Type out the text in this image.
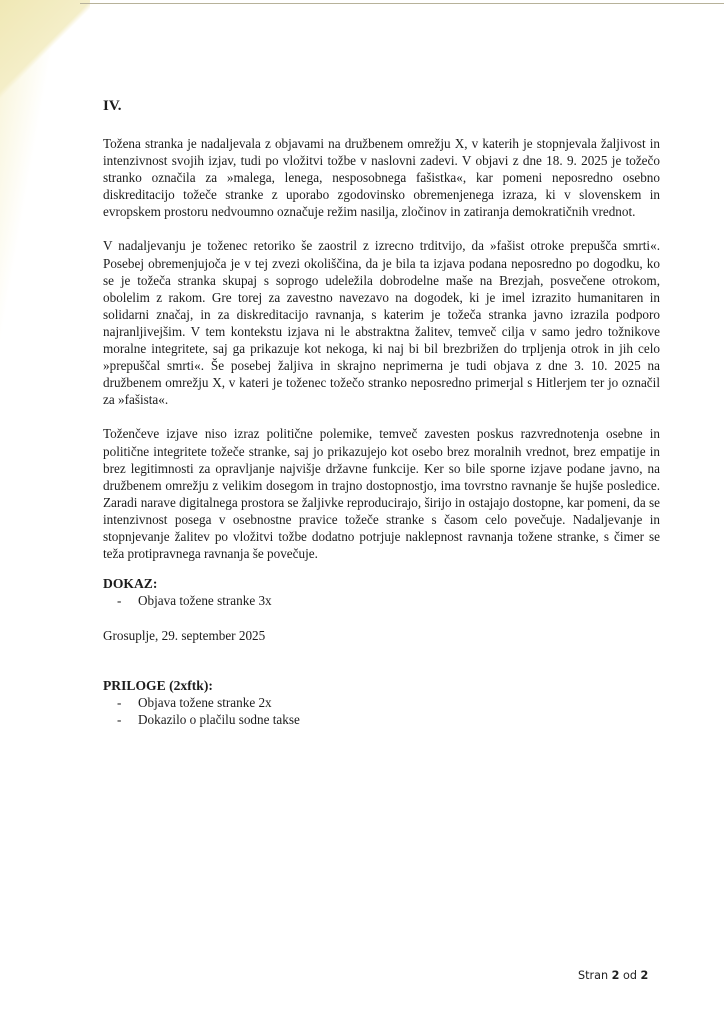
IV.

Tožena stranka je nadaljevala z objavami na družbenem omrežju X, v katerih je stopnjevala žaljivost in intenzivnost svojih izjav, tudi po vložitvi tožbe v naslovni zadevi. V objavi z dne 18. 9. 2025 je tožečo stranko označila za »malega, lenega, nesposobnega fašistka«, kar pomeni neposredno osebno diskreditacijo tožeče stranke z uporabo zgodovinsko obremenjenega izraza, ki v slovenskem in evropskem prostoru nedvoumno označuje režim nasilja, zločinov in zatiranja demokratičnih vrednot.

V nadaljevanju je toženec retoriko še zaostril z izrecno trditvijo, da »fašist otroke prepušča smrti«. Posebej obremenjujoča je v tej zvezi okoliščina, da je bila ta izjava podana neposredno po dogodku, ko se je tožeča stranka skupaj s soprogo udeležila dobrodelne maše na Brezjah, posvečene otrokom, obolelim z rakom. Gre torej za zavestno navezavo na dogodek, ki je imel izrazito humanitaren in solidarni značaj, in za diskreditacijo ravnanja, s katerim je tožeča stranka javno izrazila podporo najranljivejšim. V tem kontekstu izjava ni le abstraktna žalitev, temveč cilja v samo jedro tožnikove moralne integritete, saj ga prikazuje kot nekoga, ki naj bi bil brezbrižen do trpljenja otrok in jih celo »prepuščal smrti«. Še posebej žaljiva in skrajno neprimerna je tudi objava z dne 3. 10. 2025 na družbenem omrežju X, v kateri je toženec tožečo stranko neposredno primerjal s Hitlerjem ter jo označil za »fašista«.

Toženčeve izjave niso izraz politične polemike, temveč zavesten poskus razvrednotenja osebne in politične integritete tožeče stranke, saj jo prikazujejo kot osebo brez moralnih vrednot, brez empatije in brez legitimnosti za opravljanje najvišje državne funkcije. Ker so bile sporne izjave podane javno, na družbenem omrežju z velikim dosegom in trajno dostopnostjo, ima tovrstno ravnanje še hujše posledice. Zaradi narave digitalnega prostora se žaljivke reproducirajo, širijo in ostajajo dostopne, kar pomeni, da se intenzivnost posega v osebnostne pravice tožeče stranke s časom celo povečuje. Nadaljevanje in stopnjevanje žalitev po vložitvi tožbe dodatno potrjuje naklepnost ravnanja tožene stranke, s čimer se teža protipravnega ravnanja še povečuje.

DOKAZ:
- Objava tožene stranke 3x
Grosuplje, 29. september 2025
PRILOGE (2xftk):
- Objava tožene stranke 2x
- Dokazilo o plačilu sodne takse
Stran 2 od 2
